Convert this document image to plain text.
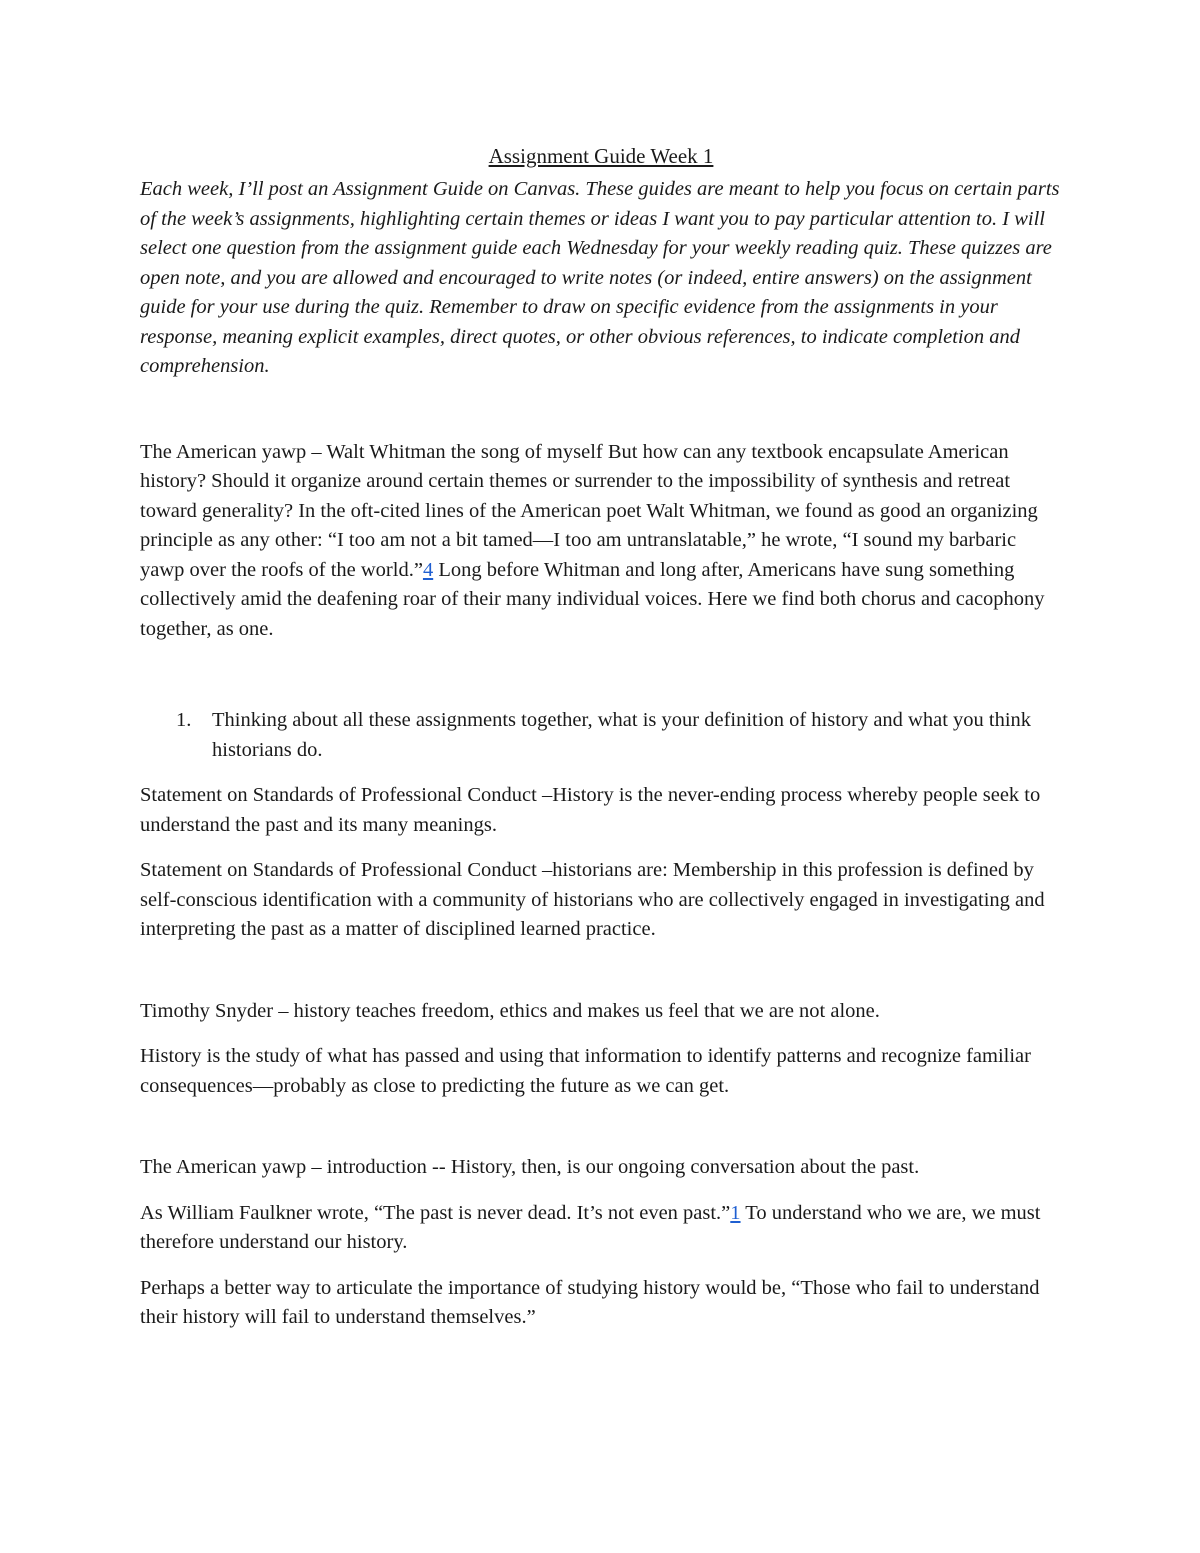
Assignment Guide Week 1

Each week, I’ll post an Assignment Guide on Canvas. These guides are meant to help you focus on certain parts of the week’s assignments, highlighting certain themes or ideas I want you to pay particular attention to. I will select one question from the assignment guide each Wednesday for your weekly reading quiz. These quizzes are open note, and you are allowed and encouraged to write notes (or indeed, entire answers) on the assignment guide for your use during the quiz. Remember to draw on specific evidence from the assignments in your response, meaning explicit examples, direct quotes, or other obvious references, to indicate completion and comprehension.

The American yawp – Walt Whitman the song of myself But how can any textbook encapsulate American history? Should it organize around certain themes or surrender to the impossibility of synthesis and retreat toward generality? In the oft-cited lines of the American poet Walt Whitman, we found as good an organizing principle as any other: “I too am not a bit tamed—I too am untranslatable,” he wrote, “I sound my barbaric yawp over the roofs of the world.”4 Long before Whitman and long after, Americans have sung something collectively amid the deafening roar of their many individual voices. Here we find both chorus and cacophony together, as one.

1. Thinking about all these assignments together, what is your definition of history and what you think historians do.

Statement on Standards of Professional Conduct –History is the never-ending process whereby people seek to understand the past and its many meanings.

Statement on Standards of Professional Conduct –historians are: Membership in this profession is defined by self-conscious identification with a community of historians who are collectively engaged in investigating and interpreting the past as a matter of disciplined learned practice.

Timothy Snyder – history teaches freedom, ethics and makes us feel that we are not alone.

History is the study of what has passed and using that information to identify patterns and recognize familiar consequences—probably as close to predicting the future as we can get.

The American yawp – introduction -- History, then, is our ongoing conversation about the past.

As William Faulkner wrote, “The past is never dead. It’s not even past.”1 To understand who we are, we must therefore understand our history.

Perhaps a better way to articulate the importance of studying history would be, “Those who fail to understand their history will fail to understand themselves.”
